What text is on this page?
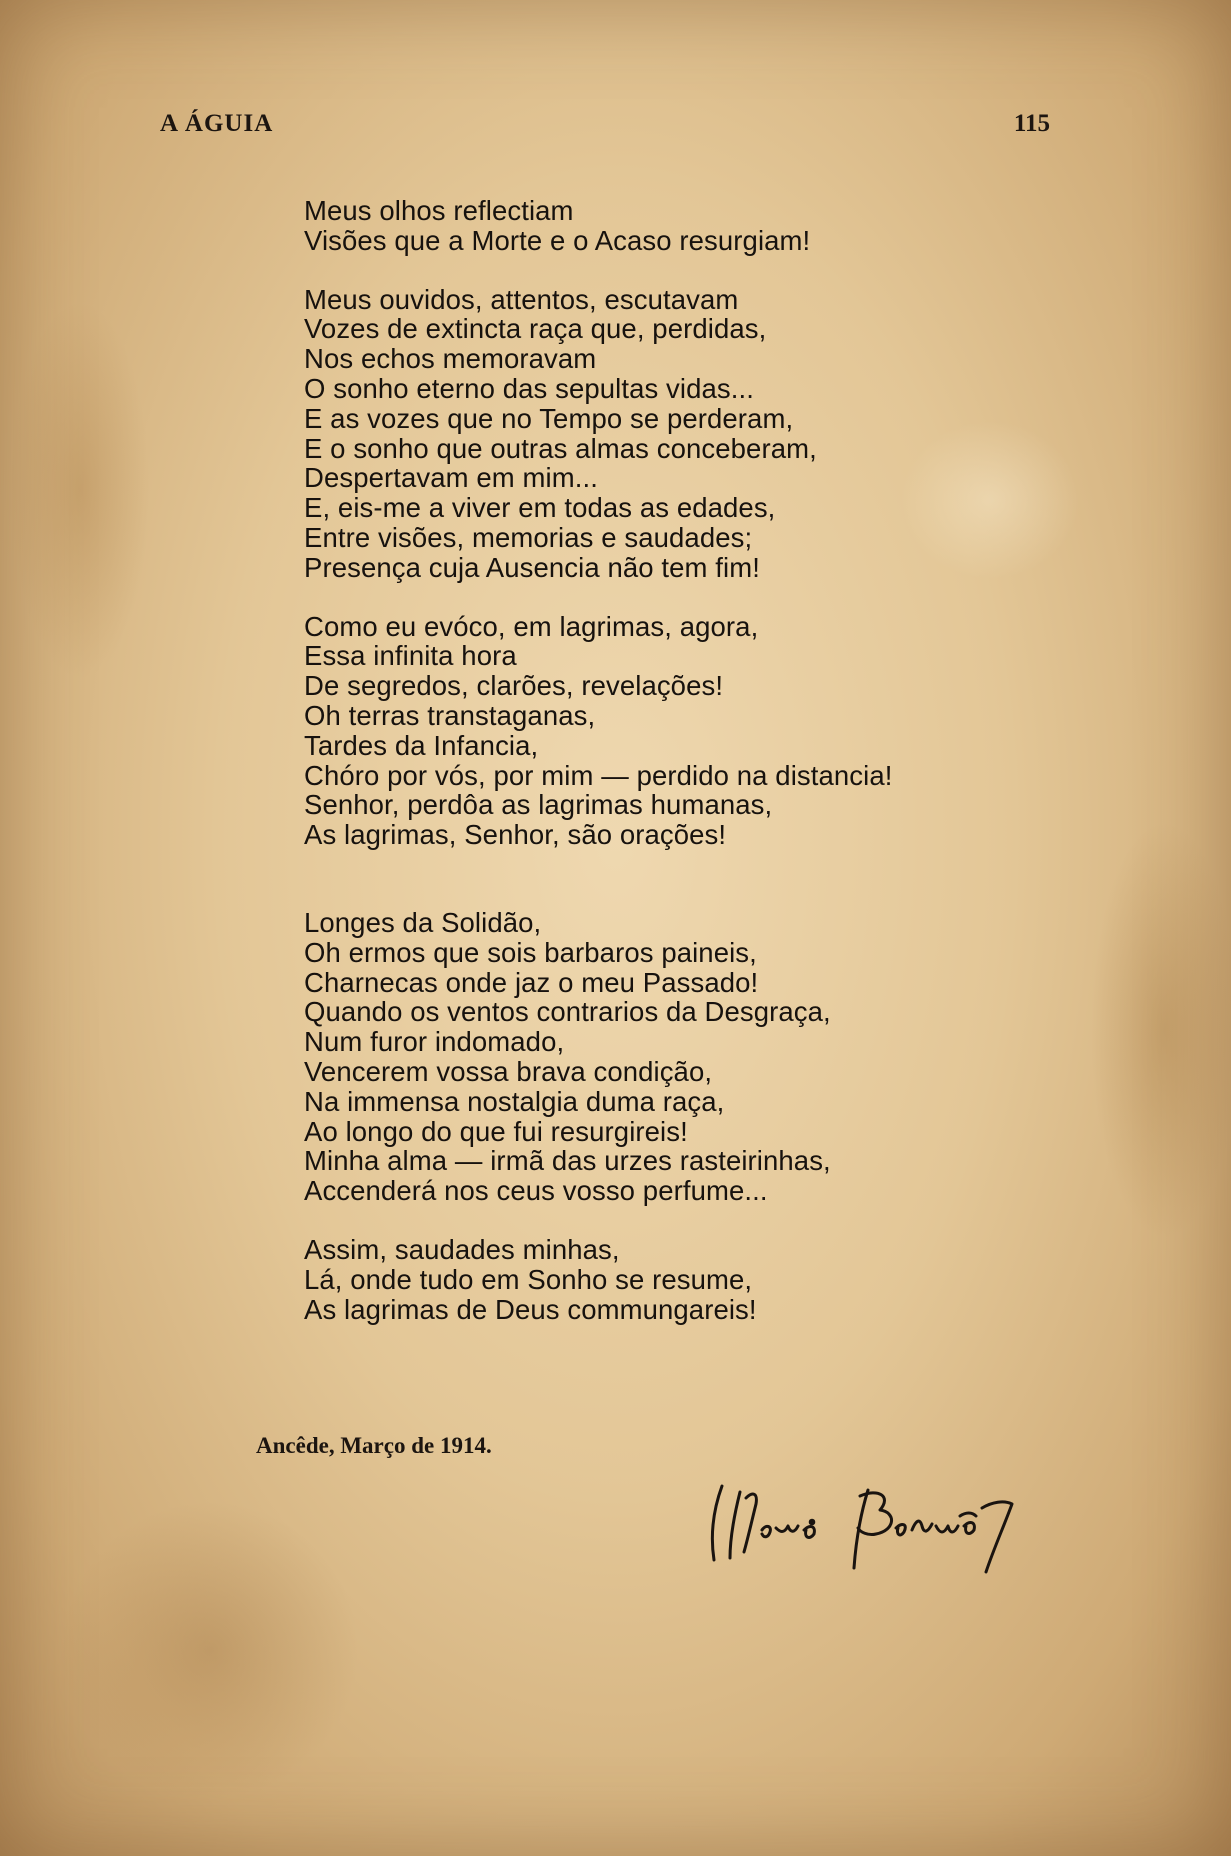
A ÁGUIA	115
Meus olhos reflectiam
Visões que a Morte e o Acaso resurgiam!
Meus ouvidos, attentos, escutavam
Vozes de extincta raça que, perdidas,
Nos echos memoravam
O sonho eterno das sepultas vidas...
E as vozes que no Tempo se perderam,
E o sonho que outras almas conceberam,
Despertavam em mim...
E, eis-me a viver em todas as edades,
Entre visões, memorias e saudades;
Presença cuja Ausencia não tem fim!
Como eu evóco, em lagrimas, agora,
Essa infinita hora
De segredos, clarões, revelações!
Oh terras transtaganas,
Tardes da Infancia,
Chóro por vós, por mim — perdido na distancia!
Senhor, perdôa as lagrimas humanas,
As lagrimas, Senhor, são orações!
Longes da Solidão,
Oh ermos que sois barbaros paineis,
Charnecas onde jaz o meu Passado!
Quando os ventos contrarios da Desgraça,
Num furor indomado,
Vencerem vossa brava condição,
Na immensa nostalgia duma raça,
Ao longo do que fui resurgireis!
Minha alma — irmã das urzes rasteirinhas,
Accenderá nos ceus vosso perfume...
Assim, saudades minhas,
Lá, onde tudo em Sonho se resume,
As lagrimas de Deus commungareis!
Ancêde, Março de 1914.
